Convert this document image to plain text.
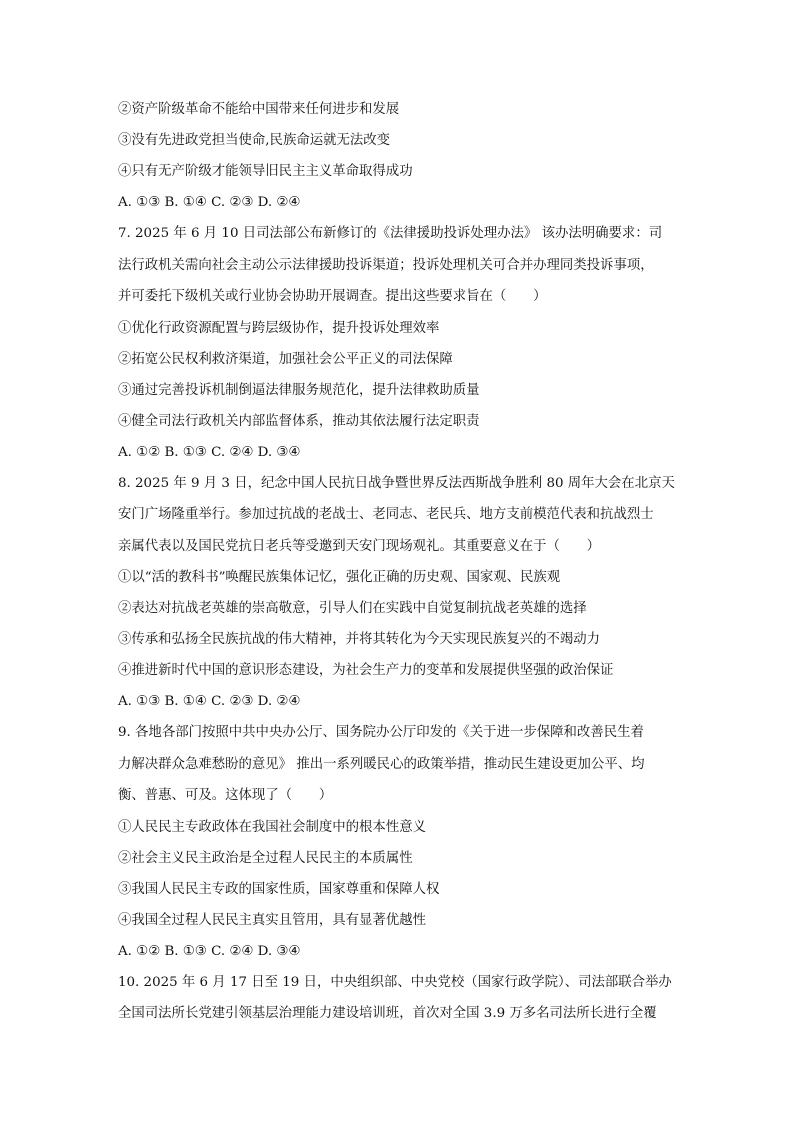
②资产阶级革命不能给中国带来任何进步和发展
③没有先进政党担当使命,民族命运就无法改变
④只有无产阶级才能领导旧民主主义革命取得成功
A. ①③ B. ①④ C. ②③ D. ②④
7. 2025 年 6 月 10 日司法部公布新修订的《法律援助投诉处理办法》 该办法明确要求：司
法行政机关需向社会主动公示法律援助投诉渠道；投诉处理机关可合并办理同类投诉事项，
并可委托下级机关或行业协会协助开展调查。提出这些要求旨在（　　）
①优化行政资源配置与跨层级协作，提升投诉处理效率
②拓宽公民权利救济渠道，加强社会公平正义的司法保障
③通过完善投诉机制倒逼法律服务规范化，提升法律救助质量
④健全司法行政机关内部监督体系，推动其依法履行法定职责
A. ①② B. ①③ C. ②④ D. ③④
8. 2025 年 9 月 3 日，纪念中国人民抗日战争暨世界反法西斯战争胜利 80 周年大会在北京天
安门广场隆重举行。参加过抗战的老战士、老同志、老民兵、地方支前模范代表和抗战烈士
亲属代表以及国民党抗日老兵等受邀到天安门现场观礼。其重要意义在于（　　）
①以“活的教科书”唤醒民族集体记忆，强化正确的历史观、国家观、民族观
②表达对抗战老英雄的崇高敬意，引导人们在实践中自觉复制抗战老英雄的选择
③传承和弘扬全民族抗战的伟大精神，并将其转化为今天实现民族复兴的不竭动力
④推进新时代中国的意识形态建设，为社会生产力的变革和发展提供坚强的政治保证
A. ①③ B. ①④ C. ②③ D. ②④
9. 各地各部门按照中共中央办公厅、国务院办公厅印发的《关于进一步保障和改善民生着
力解决群众急难愁盼的意见》 推出一系列暖民心的政策举措，推动民生建设更加公平、均
衡、普惠、可及。这体现了（　　）
①人民民主专政政体在我国社会制度中的根本性意义
②社会主义民主政治是全过程人民民主的本质属性
③我国人民民主专政的国家性质，国家尊重和保障人权
④我国全过程人民民主真实且管用，具有显著优越性
A. ①② B. ①③ C. ②④ D. ③④
10. 2025 年 6 月 17 日至 19 日，中央组织部、中央党校（国家行政学院）、司法部联合举办
全国司法所长党建引领基层治理能力建设培训班，首次对全国 3.9 万多名司法所长进行全覆
